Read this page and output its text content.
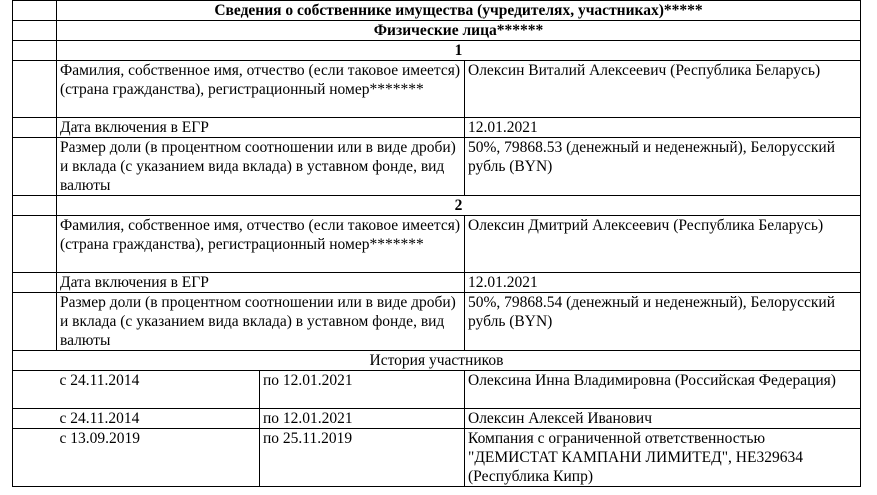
	Сведения о собственнике имущества (учредителях, участниках)*****		
	Физические лица******		
	1		
	Фамилия, собственное имя, отчество (если таковое имеется) (страна гражданства), регистрационный номер*******		Олексин Виталий Алексеевич (Республика Беларусь)
	Дата включения в ЕГР		12.01.2021
	Размер доли (в процентном соотношении или в виде дроби) и вклада (с указанием вида вклада) в уставном фонде, вид валюты		50%, 79868.53 (денежный и неденежный), Белорусский рубль (BYN)
	2		
	Фамилия, собственное имя, отчество (если таковое имеется) (страна гражданства), регистрационный номер*******		Олексин Дмитрий Алексеевич (Республика Беларусь)
	Дата включения в ЕГР		12.01.2021
	Размер доли (в процентном соотношении или в виде дроби) и вклада (с указанием вида вклада) в уставном фонде, вид валюты		50%, 79868.54 (денежный и неденежный), Белорусский рубль (BYN)
История участников			
	с 24.11.2014	по 12.01.2021	Олексина Инна Владимировна (Российская Федерация)
	с 24.11.2014	по 12.01.2021	Олексин Алексей Иванович
	с 13.09.2019	по 25.11.2019	Компания с ограниченной ответственностью "ДЕМИСТАТ КАМПАНИ ЛИМИТЕД", HE329634 (Республика Кипр)
